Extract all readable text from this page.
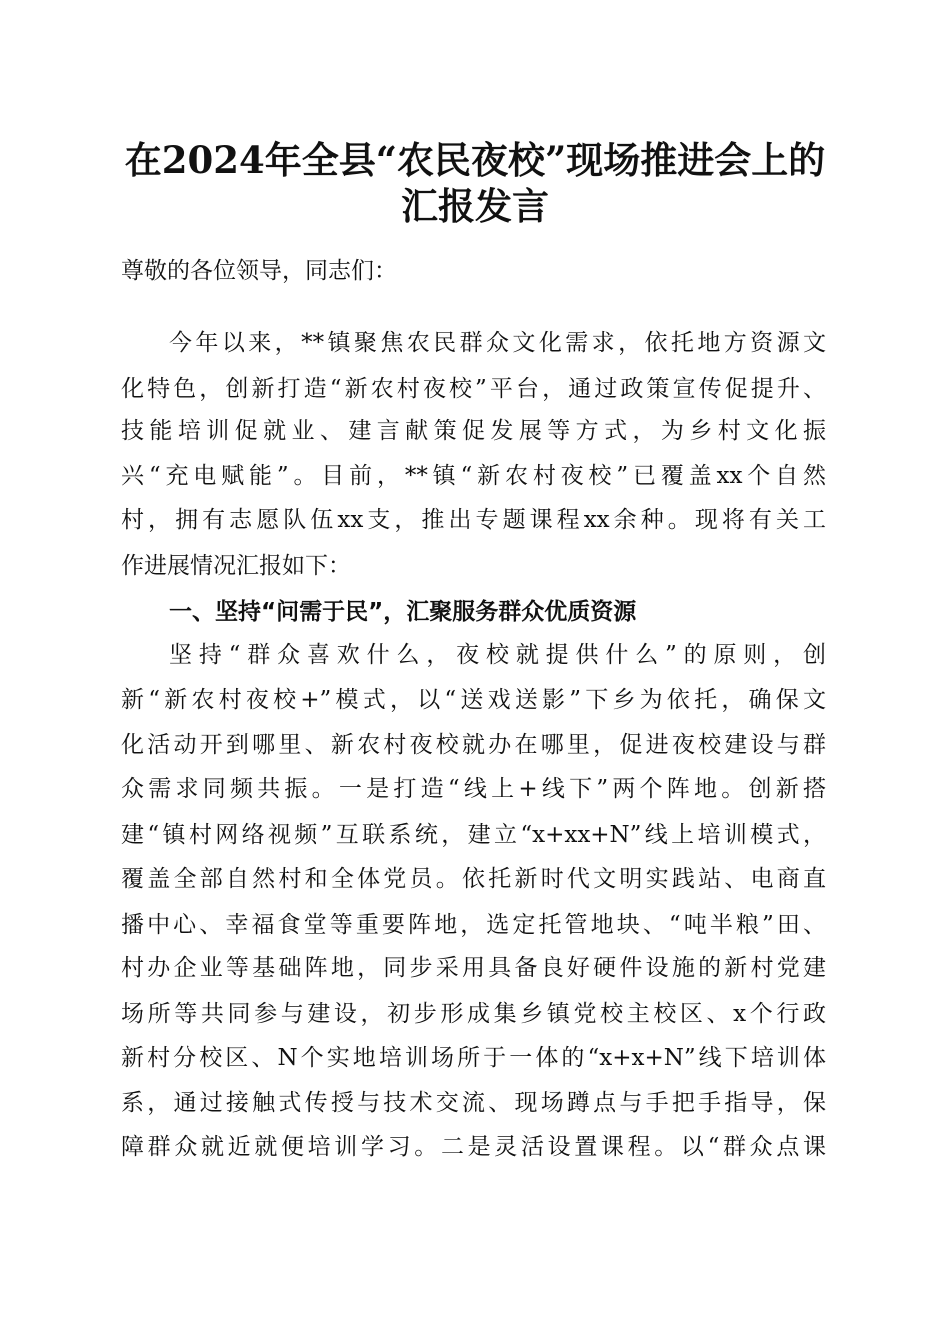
在2024年全县“农民夜校”现场推进会上的
汇报发言
尊敬的各位领导，同志们：
今年以来，**镇聚焦农民群众文化需求，依托地方资源文
化特色，创新打造“新农村夜校”平台，通过政策宣传促提升、
技能培训促就业、建言献策促发展等方式，为乡村文化振
兴“充电赋能”。目前，**镇“新农村夜校”已覆盖xx个自然
村，拥有志愿队伍xx支，推出专题课程xx余种。现将有关工
作进展情况汇报如下：
一、坚持“问需于民”，汇聚服务群众优质资源
坚持“群众喜欢什么，夜校就提供什么”的原则，创
新“新农村夜校+”模式，以“送戏送影”下乡为依托，确保文
化活动开到哪里、新农村夜校就办在哪里，促进夜校建设与群
众需求同频共振。一是打造“线上+线下”两个阵地。创新搭
建“镇村网络视频”互联系统，建立“x+xx+N”线上培训模式，
覆盖全部自然村和全体党员。依托新时代文明实践站、电商直
播中心、幸福食堂等重要阵地，选定托管地块、“吨半粮”田、
村办企业等基础阵地，同步采用具备良好硬件设施的新村党建
场所等共同参与建设，初步形成集乡镇党校主校区、x个行政
新村分校区、N个实地培训场所于一体的“x+x+N”线下培训体
系，通过接触式传授与技术交流、现场蹲点与手把手指导，保
障群众就近就便培训学习。二是灵活设置课程。以“群众点课
